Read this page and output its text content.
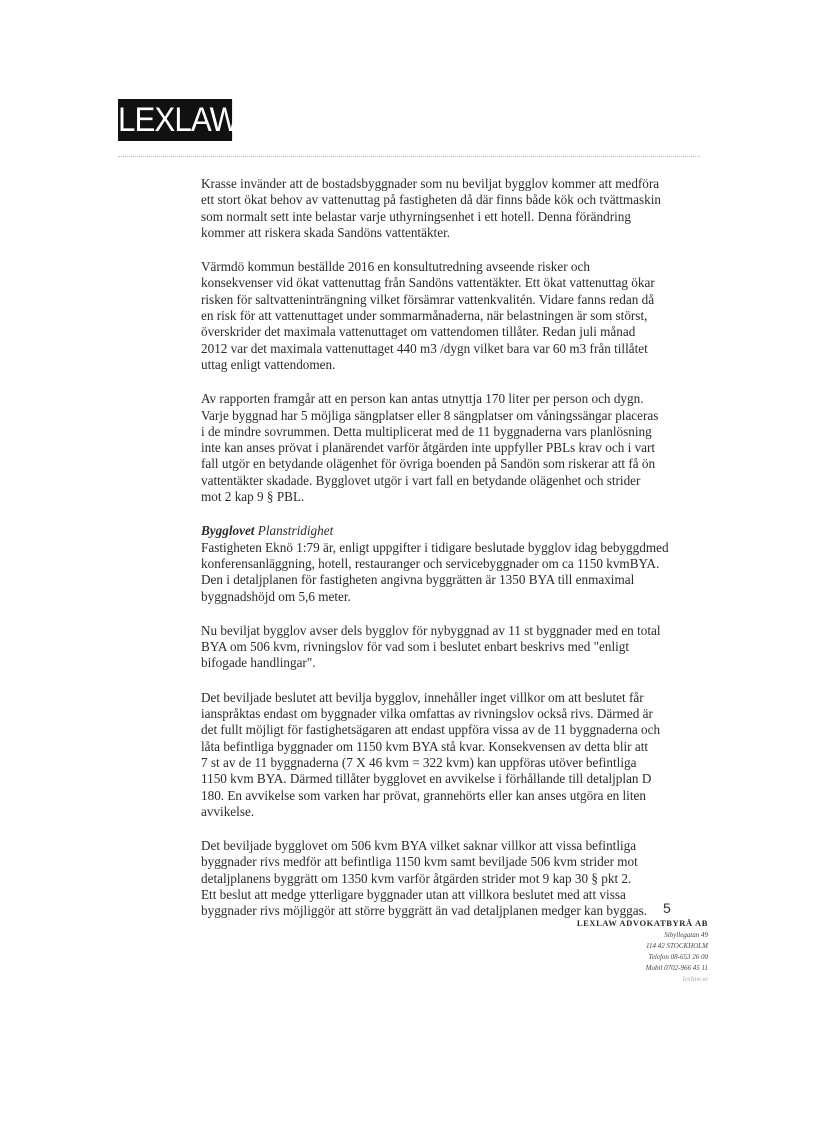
LEXLAW
Krasse invänder att de bostadsbyggnader som nu beviljat bygglov kommer att medföra
ett stort ökat behov av vattenuttag på fastigheten då där finns både kök och tvättmaskin
som normalt sett inte belastar varje uthyrningsenhet i ett hotell. Denna förändring
kommer att riskera skada Sandöns vattentäkter.
Värmdö kommun beställde 2016 en konsultutredning avseende risker och
konsekvenser vid ökat vattenuttag från Sandöns vattentäkter. Ett ökat vattenuttag ökar
risken för saltvatteninträngning vilket försämrar vattenkvalitén. Vidare fanns redan då
en risk för att vattenuttaget under sommarmånaderna, när belastningen är som störst,
överskrider det maximala vattenuttaget om vattendomen tillåter. Redan juli månad
2012 var det maximala vattenuttaget 440 m3 /dygn vilket bara var 60 m3 från tillåtet
uttag enligt vattendomen.
Av rapporten framgår att en person kan antas utnyttja 170 liter per person och dygn.
Varje byggnad har 5 möjliga sängplatser eller 8 sängplatser om våningssängar placeras
i de mindre sovrummen. Detta multiplicerat med de 11 byggnaderna vars planlösning
inte kan anses prövat i planärendet varför åtgärden inte uppfyller PBLs krav och i vart
fall utgör en betydande olägenhet för övriga boenden på Sandön som riskerar att få ön
vattentäkter skadade. Bygglovet utgör i vart fall en betydande olägenhet och strider
mot 2 kap 9 § PBL.
Bygglovet Planstridighet
Fastigheten Eknö 1:79 är, enligt uppgifter i tidigare beslutade bygglov idag bebyggdmed konferensanläggning, hotell, restauranger och servicebyggnader om ca 1150 kvmBYA. Den i detaljplanen för fastigheten angivna byggrätten är 1350 BYA till enmaximal byggnadshöjd om 5,6 meter.
Nu beviljat bygglov avser dels bygglov för nybyggnad av 11 st byggnader med en total
BYA om 506 kvm, rivningslov för vad som i beslutet enbart beskrivs med "enligt
bifogade handlingar".
Det beviljade beslutet att bevilja bygglov, innehåller inget villkor om att beslutet får
ianspråktas endast om byggnader vilka omfattas av rivningslov också rivs. Därmed är
det fullt möjligt för fastighetsägaren att endast uppföra vissa av de 11 byggnaderna och
låta befintliga byggnader om 1150 kvm BYA stå kvar. Konsekvensen av detta blir att
7 st av de 11 byggnaderna (7 X 46 kvm = 322 kvm) kan uppföras utöver befintliga
1150 kvm BYA. Därmed tillåter bygglovet en avvikelse i förhållande till detaljplan D
180. En avvikelse som varken har prövat, grannehörts eller kan anses utgöra en liten
avvikelse.
Det beviljade bygglovet om 506 kvm BYA vilket saknar villkor att vissa befintliga
byggnader rivs medför att befintliga 1150 kvm samt beviljade 506 kvm strider mot
detaljplanens byggrätt om 1350 kvm varför åtgärden strider mot 9 kap 30 § pkt 2.
Ett beslut att medge ytterligare byggnader utan att villkora beslutet med att vissa
byggnader rivs möjliggör att större byggrätt än vad detaljplanen medger kan byggas.	5
LEXLAW ADVOKATBYRÅ AB
Sibyllegatan 49
114 42 STOCKHOLM
Telefon 08-653 26 00
Mobil 0702-966 45 11
lexlaw.se
